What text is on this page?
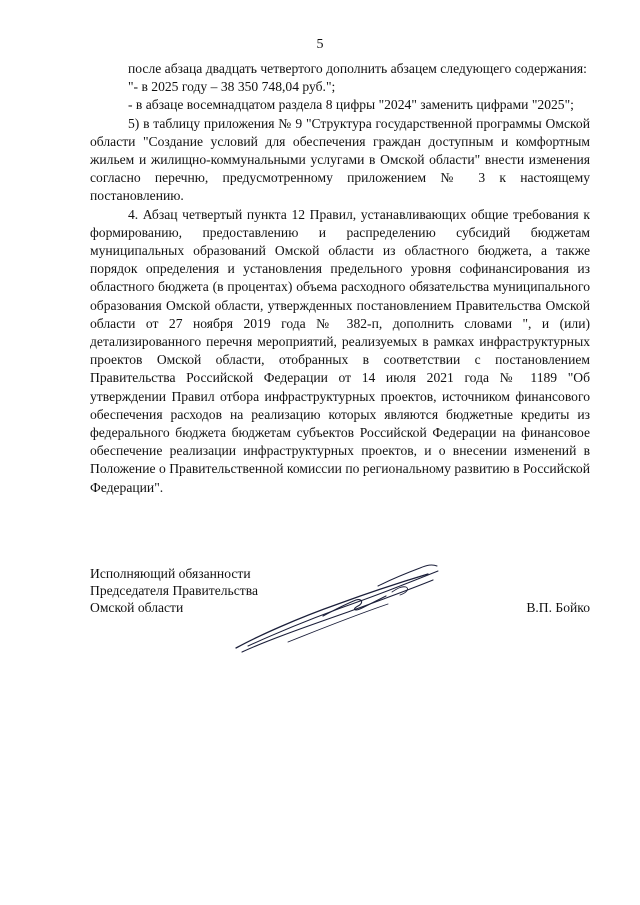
5

после абзаца двадцать четвертого дополнить абзацем следующего содержания:

"- в 2025 году – 38 350 748,04 руб.";

- в абзаце восемнадцатом раздела 8 цифры "2024" заменить цифрами "2025";

5) в таблицу приложения № 9 "Структура государственной программы Омской области "Создание условий для обеспечения граждан доступным и комфортным жильем и жилищно-коммунальными услугами в Омской области" внести изменения согласно перечню, предусмотренному приложением № 3 к настоящему постановлению.

4. Абзац четвертый пункта 12 Правил, устанавливающих общие требования к формированию, предоставлению и распределению субсидий бюджетам муниципальных образований Омской области из областного бюджета, а также порядок определения и установления предельного уровня софинансирования из областного бюджета (в процентах) объема расходного обязательства муниципального образования Омской области, утвержденных постановлением Правительства Омской области от 27 ноября 2019 года № 382-п, дополнить словами ", и (или) детализированного перечня мероприятий, реализуемых в рамках инфраструктурных проектов Омской области, отобранных в соответствии с постановлением Правительства Российской Федерации от 14 июля 2021 года № 1189 "Об утверждении Правил отбора инфраструктурных проектов, источником финансового обеспечения расходов на реализацию которых являются бюджетные кредиты из федерального бюджета бюджетам субъектов Российской Федерации на финансовое обеспечение реализации инфраструктурных проектов, и о внесении изменений в Положение о Правительственной комиссии по региональному развитию в Российской Федерации".

Исполняющий обязанности
Председателя Правительства
Омской области	В.П. Бойко
